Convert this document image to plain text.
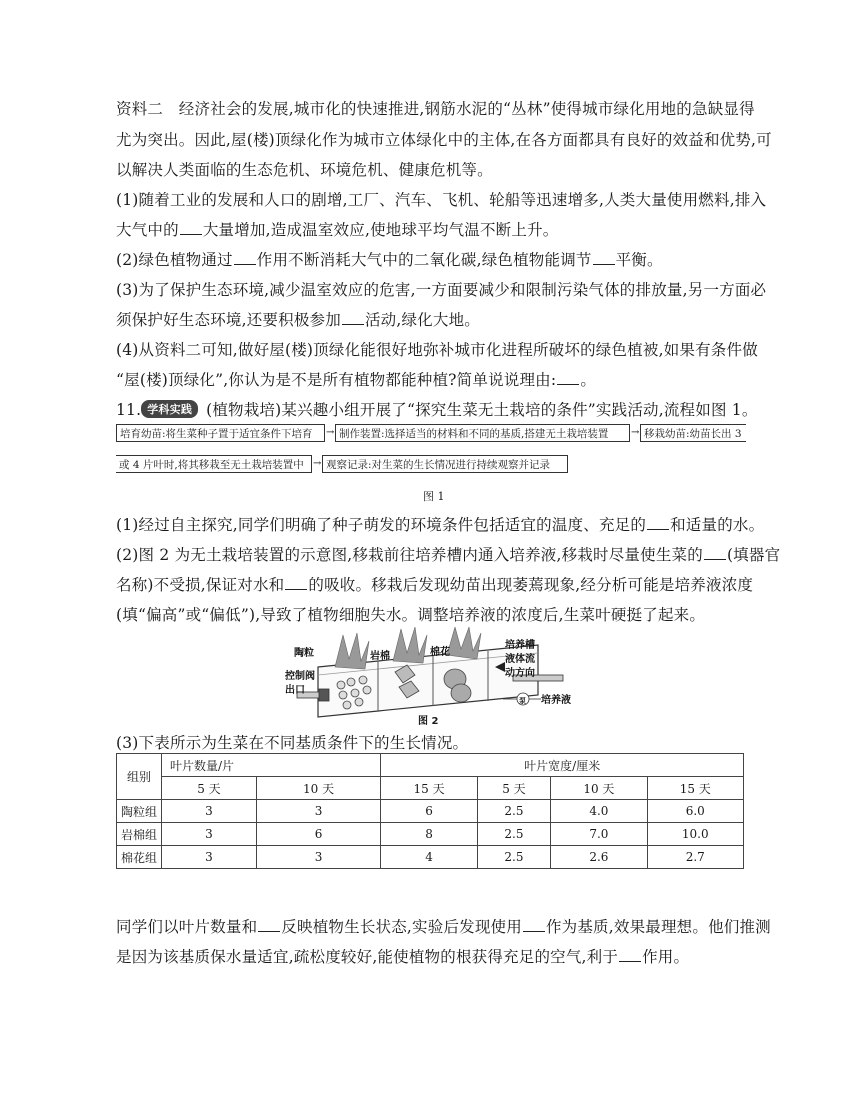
资料二　经济社会的发展,城市化的快速推进,钢筋水泥的“丛林”使得城市绿化用地的急缺显得
尤为突出。因此,屋(楼)顶绿化作为城市立体绿化中的主体,在各方面都具有良好的效益和优势,可
以解决人类面临的生态危机、环境危机、健康危机等。
(1)随着工业的发展和人口的剧增,工厂、汽车、飞机、轮船等迅速增多,人类大量使用燃料,排入
大气中的 大量增加,造成温室效应,使地球平均气温不断上升。
(2)绿色植物通过 作用不断消耗大气中的二氧化碳,绿色植物能调节 平衡。
(3)为了保护生态环境,减少温室效应的危害,一方面要减少和限制污染气体的排放量,另一方面必
须保护好生态环境,还要积极参加 活动,绿化大地。
(4)从资料二可知,做好屋(楼)顶绿化能很好地弥补城市化进程所破坏的绿色植被,如果有条件做
“屋(楼)顶绿化”,你认为是不是所有植物都能种植?简单说说理由: 。
11. 学科实践 (植物栽培)某兴趣小组开展了“探究生菜无土栽培的条件”实践活动,流程如图 1。
培育幼苗:将生菜种子置于适宜条件下培育	→ 制作装置:选择适当的材料和不同的基质,搭建无土栽培装置	→ 移栽幼苗:幼苗长出 3
或 4 片叶时,将其移栽至无土栽培装置中 → 观察记录:对生菜的生长情况进行持续观察并记录
图 1
(1)经过自主探究,同学们明确了种子萌发的环境条件包括适宜的温度、充足的 和适量的水。
(2)图 2 为无土栽培装置的示意图,移栽前往培养槽内通入培养液,移栽时尽量使生菜的 (填器官
名称)不受损,保证对水和 的吸收。移栽后发现幼苗出现萎蔫现象,经分析可能是培养液浓度
(填“偏高”或“偏低”),导致了植物细胞失水。调整培养液的浓度后,生菜叶硬挺了起来。
陶粒	岩棉	棉花
培养槽
液体流
动方向
控制阀
出口
泵 培养液
图 2
(3)下表所示为生菜在不同基质条件下的生长情况。
组别	叶片数量/片		叶片宽度/厘米			
	5 天	10 天	15 天	5 天	10 天	15 天
陶粒组	3	3	6	2.5	4.0	6.0
岩棉组	3	6	8	2.5	7.0	10.0
棉花组	3	3	4	2.5	2.6	2.7
同学们以叶片数量和 反映植物生长状态,实验后发现使用 作为基质,效果最理想。他们推测
是因为该基质保水量适宜,疏松度较好,能使植物的根获得充足的空气,利于 作用。
